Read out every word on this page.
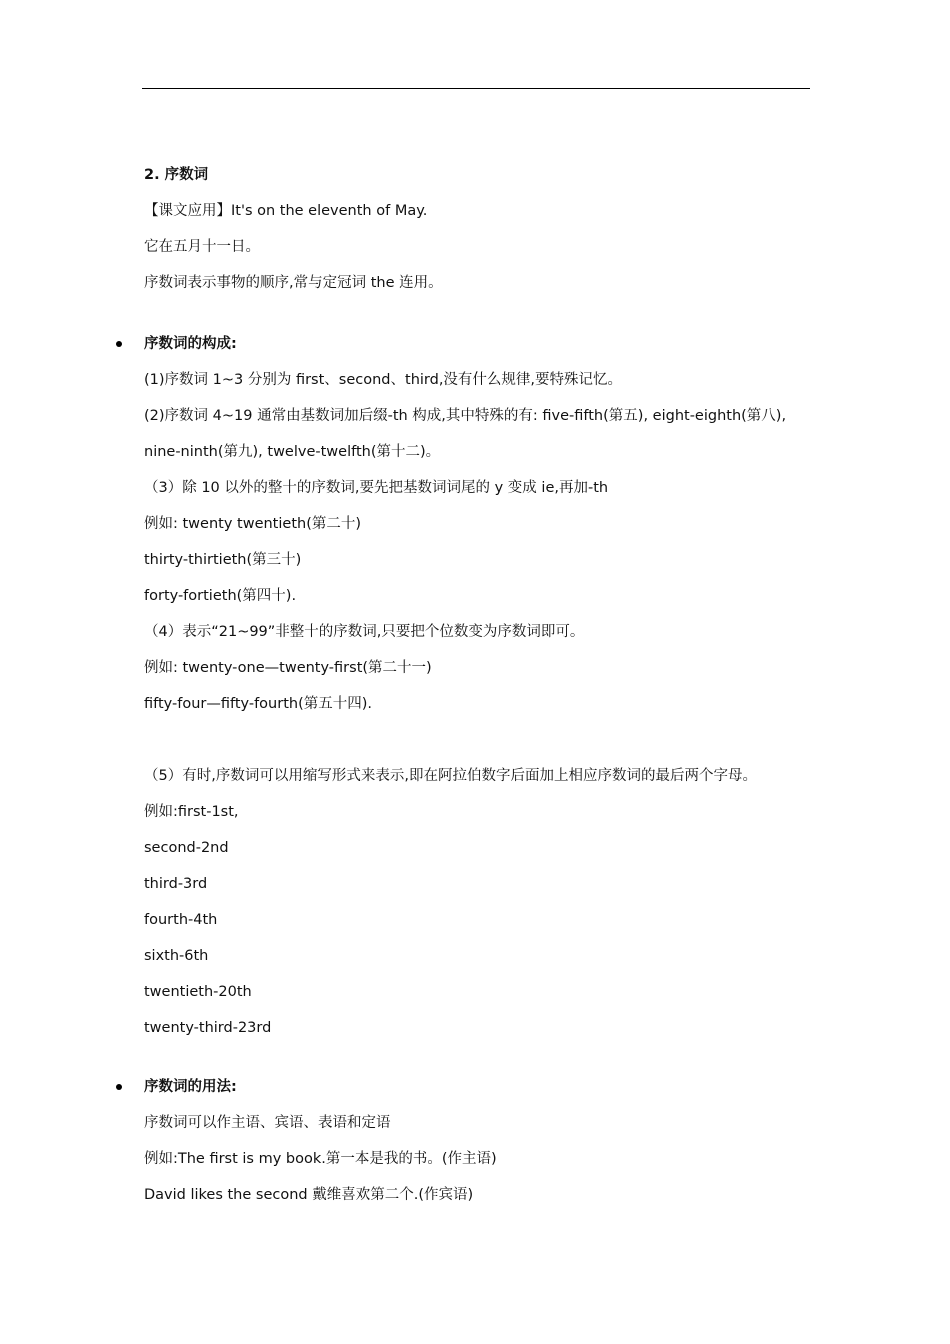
2. 序数词
【课文应用】It's on the eleventh of May.
它在五月十一日。
序数词表示事物的顺序,常与定冠词 the 连用。
序数词的构成:
(1)序数词 1~3 分别为 first、second、third,没有什么规律,要特殊记忆。
(2)序数词 4~19 通常由基数词加后缀-th 构成,其中特殊的有: five-fifth(第五), eight-eighth(第八),
nine-ninth(第九), twelve-twelfth(第十二)。
（3）除 10 以外的整十的序数词,要先把基数词词尾的 y 变成 ie,再加-th
例如: twenty twentieth(第二十)
thirty-thirtieth(第三十)
forty-fortieth(第四十).
（4）表示“21~99”非整十的序数词,只要把个位数变为序数词即可。
例如: twenty-one—twenty-first(第二十一)
fifty-four—fifty-fourth(第五十四).
（5）有时,序数词可以用缩写形式来表示,即在阿拉伯数字后面加上相应序数词的最后两个字母。
例如:first-1st,
second-2nd
third-3rd
fourth-4th
sixth-6th
twentieth-20th
twenty-third-23rd
序数词的用法:
序数词可以作主语、宾语、表语和定语
例如:The first is my book.第一本是我的书。(作主语)
David likes the second 戴维喜欢第二个.(作宾语)
